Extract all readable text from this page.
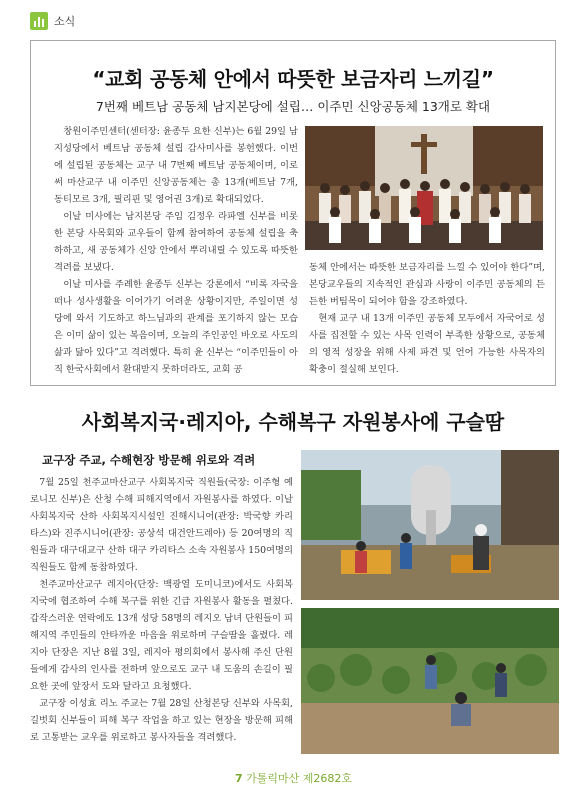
소식
“교회 공동체 안에서 따뜻한 보금자리 느끼길”
7번째 베트남 공동체 남지본당에 설립… 이주민 신앙공동체 13개로 확대

창원이주민센터(센터장: 윤종두 요한 신부)는 6월 29일 남지성당에서 베트남 공동체 설립 감사미사를 봉헌했다. 이번에 설립된 공동체는 교구 내 7번째 베트남 공동체이며, 이로써 마산교구 내 이주민 신앙공동체는 총 13개(베트남 7개, 동티모르 3개, 필리핀 및 영어권 3개)로 확대되었다.

이날 미사에는 남지본당 주임 김정우 라파엘 신부를 비롯한 본당 사목회와 교우들이 함께 참여하여 공동체 설립을 축하하고, 새 공동체가 신앙 안에서 뿌리내릴 수 있도록 따뜻한 격려를 보냈다.

이날 미사를 주례한 윤종두 신부는 강론에서 “비록 자국을 떠나 성사생활을 이어가기 어려운 상황이지만, 주일이면 성당에 와서 기도하고 하느님과의 관계를 포기하지 않는 모습은 이미 삶이 있는 복음이며, 오늘의 주인공인 바오로 사도의 삶과 닮아 있다”고 격려했다. 특히 윤 신부는 “이주민들이 아직 한국사회에서 환대받지 못하더라도, 교회 공

동체 안에서는 따뜻한 보금자리를 느낄 수 있어야 한다”며, 본당교우들의 지속적인 관심과 사랑이 이주민 공동체의 든든한 버팀목이 되어야 함을 강조하였다.

현재 교구 내 13개 이주민 공동체 모두에서 자국어로 성사를 집전할 수 있는 사목 인력이 부족한 상황으로, 공동체의 영적 성장을 위해 사제 파견 및 언어 가능한 사목자의 확충이 절실해 보인다.

사회복지국·레지아, 수해복구 자원봉사에 구슬땀
교구장 주교, 수해현장 방문해 위로와 격려

7월 25일 천주교마산교구 사회복지국 직원들(국장: 이주형 예로니모 신부)은 산청 수해 피해지역에서 자원봉사를 하였다. 이날 사회복지국 산하 사회복지시설인 진해시니어(관장: 박국향 카리타스)와 진주시니어(관장: 공상석 대건안드레아) 등 20여명의 직원들과 대구대교구 산하 대구 카리타스 소속 자원봉사 150여명의 직원들도 함께 동참하였다.

천주교마산교구 레지아(단장: 백광열 도미니코)에서도 사회복지국에 협조하여 수해 복구를 위한 긴급 자원봉사 활동을 펼쳤다. 갑작스러운 연락에도 13개 성당 58명의 레지오 남녀 단원들이 피해지역 주민들의 안타까운 마음을 위로하며 구슬땀을 흘렸다. 레지아 단장은 지난 8월 3일, 레지아 평의회에서 봉사해 주신 단원들에게 감사의 인사를 전하며 앞으로도 교구 내 도움의 손길이 필요한 곳에 앞장서 도와 달라고 요청했다.

교구장 이성효 리노 주교는 7월 28일 산청본당 신부와 사목회, 길벗회 신부들이 피해 복구 작업을 하고 있는 현장을 방문해 피해로 고통받는 교우를 위로하고 봉사자들을 격려했다.

7 가톨릭마산 제2682호
